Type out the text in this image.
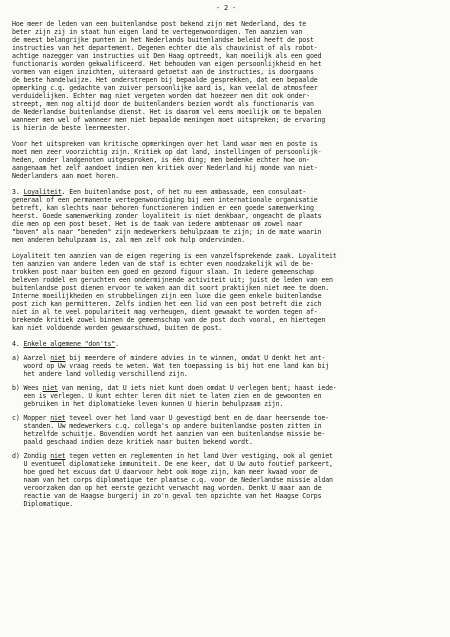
- 2 -
Hoe meer de leden van een buitenlandse post bekend zijn met Nederland, des te
beter zijn zij in staat hun eigen land te vertegenwoordigen. Ten aanzien van
de meest belangrijke punten in het Nederlands buitenlandse beleid heeft de post
instructies van het departement. Degenen echter die als chauvinist of als robot-
achtige nazegger van instructies uit Den Haag optreedt, kan moeilijk als een goed
functionaris worden gekwalificeerd. Het behouden van eigen persoonlijkheid en het
vormen van eigen inzichten, uiteraard getoetst aan de instructies, is doorgaans
de beste handelwijze. Het onderstrepen bij bepaalde gesprekken, dat een bepaalde
opmerking c.q. gedachte van zuiver persoonlijke aard is, kan veelal de atmosfeer
verduidelijken. Echter mag niet vergeten worden dat hoezeer men dit ook onder-
streept, men nog altijd door de buitenlanders bezien wordt als functionaris van
de Nederlandse buitenlandse dienst. Het is daarom vel eens moeilijk om te bepalen
wanneer men wel of wanneer men niet bepaalde meningen moet uitspreken; de ervaring
is hierin de beste leermeester.
Voor het uitspreken van kritische opmerkingen over het land waar men en poste is
moet men zeer voorzichtig zijn. Kritiek op dat land, instellingen of persoonlijk-
heden, onder landgenoten uitgesproken, is één ding; men bedenke echter hoe on-
aangenaam het zelf aandoet indien men kritiek over Nederland hij monde van niet-
Nederlanders aan moet horen.
3. Loyaliteit. Een buitenlandse post, of het nu een ambassade, een consulaat-
generaal of een permanente vertegenwoordiging bij een internationale organisatie
betreft, kan slechts naar behoren functioneren indien er een goede samenwerking
heerst. Goede samenwerking zonder loyaliteit is niet denkbaar, ongeacht de plaats
die men op een post beset. Het is de taak van iedere ambtenaar om zowel naar
"boven" als naar "beneden" zijn medewerkers behulpzaam te zijn; in de mate waarin
men anderen behulpzaam is, zal men zelf ook hulp ondervinden.
Loyaliteit ten aanzien van de eigen regering is een vanzelfsprekende zaak. Loyaliteit
ten aanzien van andere leden van de staf is echter even noodzakelijk wil de be-
trokken post naar buiten een goed en gezond figuur slaan. In iedere gemeenschap
beleven roddel en geruchten een ondermijnende activiteit uit; juist de leden van een
buitenlandse post dienen ervoor te waken aan dit soort praktijken niet mee te doen.
Interne moeilijkheden en strubbelingen zijn een luxe die geen enkele buitenlandse
post zich kan permitteren. Zelfs indien het een lid van een post betreft die zich
niet in al te veel populariteit mag verheugen, dient gewaakt te worden tegen af-
brekende kritiek zowel binnen de gemeenschap van de post doch vooral, en hiertegen
kan niet voldoende worden gewaarschuwd, buiten de post.
4. Enkele algemene "don'ts".
a) Aarzel niet bij meerdere of mindere advies in te winnen, omdat U denkt het ant-
woord op Uw vraag reeds te weten. Wat ten toepassing is bij hot ene land kan bij
het andere land volledig verschillend zijn.
b) Wees niet van mening, dat U iets niet kunt doen omdat U verlegen bent; haast iede-
een is verlegen. U kunt echter leren dit niet te laten zien en de gewoonten en
gebruiken in het diplomatieke leven kunnen U hierin behulpzaam zijn.
c) Mopper niet teveel over het land vaar U gevestigd bent en de daar heersende toe-
standen. Uw medewerkers c.q. collega's op andere buitenlandse posten zitten in
hetzelfde schuitje. Bovendien wordt het aanzien van een buitenlandse missie be-
paald geschaad indien deze kritiek naar buiten bekend wordt.
d) Zondig niet tegen vetten en reglementen in het land Uver vestiging, ook al geniet
U eventueel diplomatieke immuniteit. De ene keer, dat U Uw auto foutief parkeert,
hoe goed het excuus dat U daarvoor hebt ook moge zijn, kan meer kwaad voor de
naam van het corps diplomatique ter plaatse c.q. voor de Nederlandse missie aldan
veroorzaken dan op het eerste gezicht verwacht mag worden. Denkt U maar aan de
reactie van de Haagse burgerij in zo'n geval ten opzichte van het Haagse Corps
Diplomatique.
